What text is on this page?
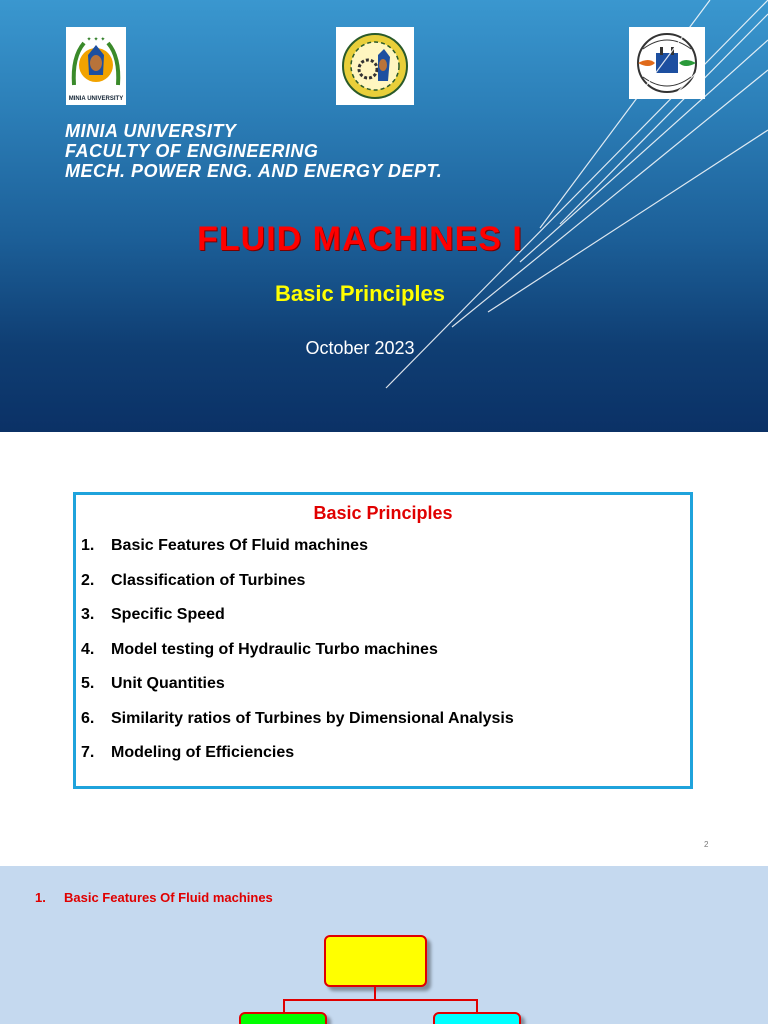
✦ ✦ ✦
MINIA UNIVERSITY
MINIA UNIVERSITY
FACULTY OF ENGINEERING
MECH. POWER ENG. AND ENERGY DEPT.
FLUID MACHINES I
Basic Principles
October 2023
Basic Principles
1.	Basic Features Of Fluid machines
2.	Classification of Turbines
3.	Specific Speed
4.	Model testing of Hydraulic Turbo machines
5.	Unit Quantities
6.	Similarity ratios of Turbines by Dimensional Analysis
7.	Modeling of Efficiencies
2
1. Basic Features Of Fluid machines
